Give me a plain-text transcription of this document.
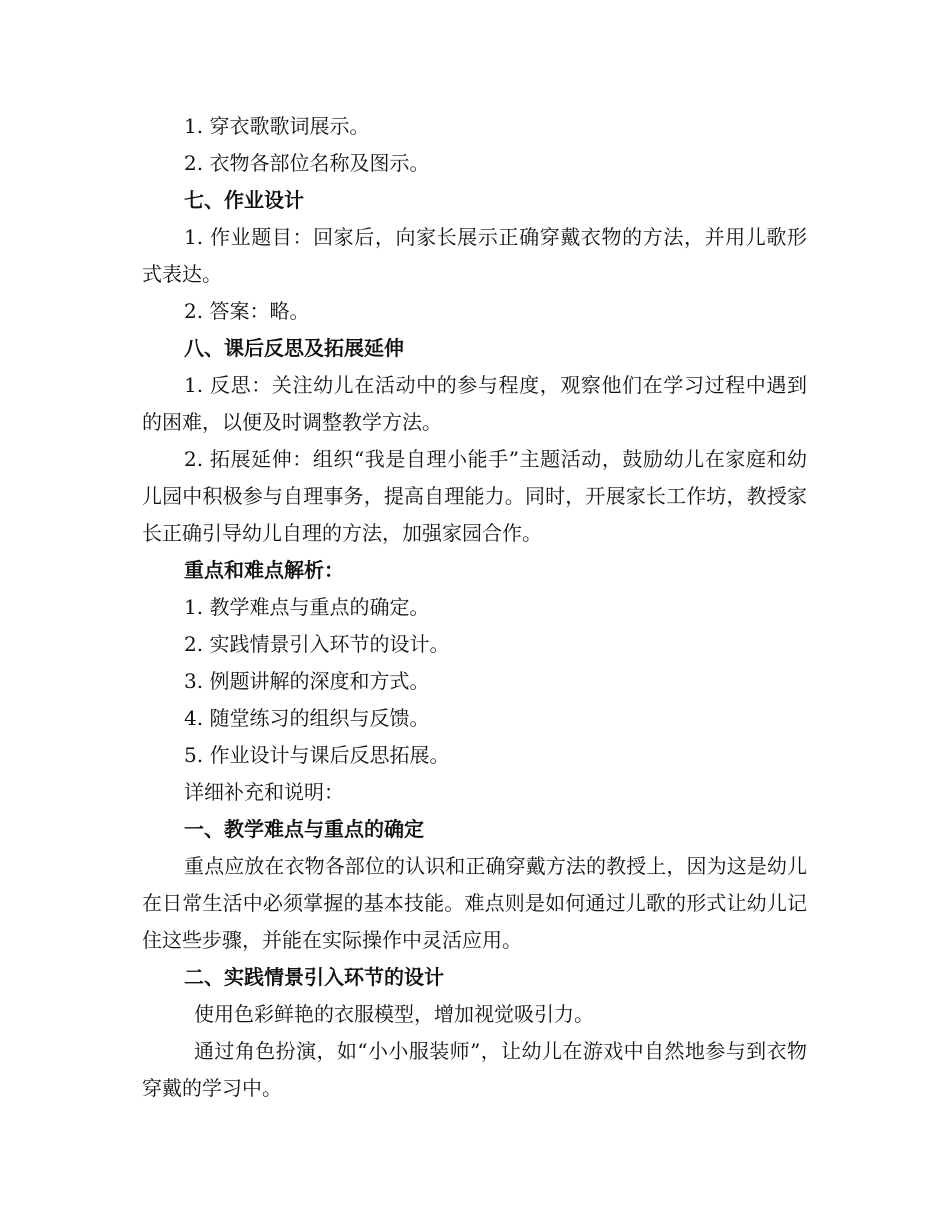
1. 穿衣歌歌词展示。

2. 衣物各部位名称及图示。

七、作业设计

1. 作业题目：回家后，向家长展示正确穿戴衣物的方法，并用儿歌形式表达。

2. 答案：略。

八、课后反思及拓展延伸

1. 反思：关注幼儿在活动中的参与程度，观察他们在学习过程中遇到的困难，以便及时调整教学方法。

2. 拓展延伸：组织“我是自理小能手”主题活动，鼓励幼儿在家庭和幼儿园中积极参与自理事务，提高自理能力。同时，开展家长工作坊，教授家长正确引导幼儿自理的方法，加强家园合作。

重点和难点解析：

1. 教学难点与重点的确定。

2. 实践情景引入环节的设计。

3. 例题讲解的深度和方式。

4. 随堂练习的组织与反馈。

5. 作业设计与课后反思拓展。

详细补充和说明：

一、教学难点与重点的确定

重点应放在衣物各部位的认识和正确穿戴方法的教授上，因为这是幼儿在日常生活中必须掌握的基本技能。难点则是如何通过儿歌的形式让幼儿记住这些步骤，并能在实际操作中灵活应用。

二、实践情景引入环节的设计

使用色彩鲜艳的衣服模型，增加视觉吸引力。

通过角色扮演，如“小小服装师”，让幼儿在游戏中自然地参与到衣物穿戴的学习中。
